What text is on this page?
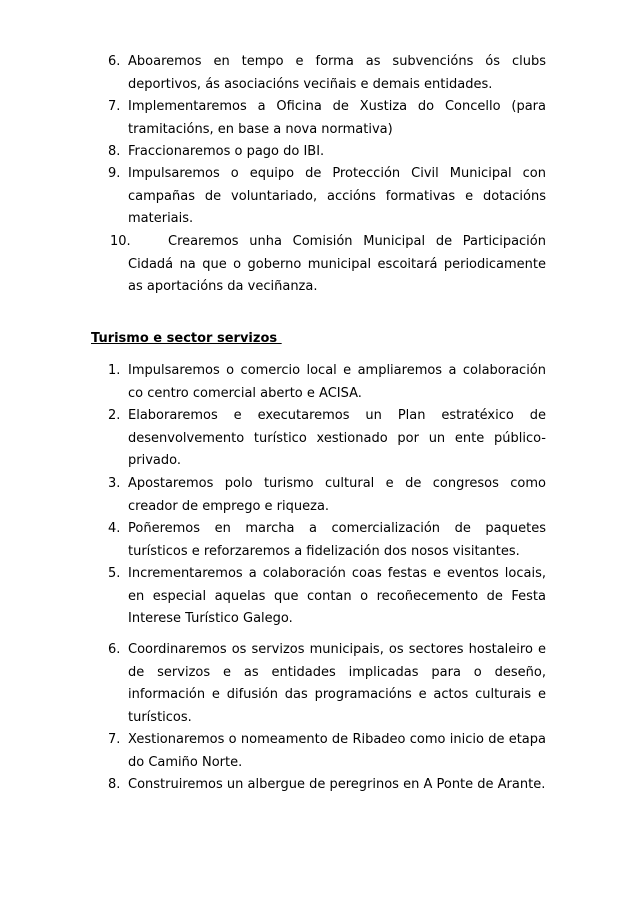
6. Aboaremos en tempo e forma as subvencións ós clubs deportivos, ás asociacións veciñais e demais entidades.
7. Implementaremos a Oficina de Xustiza do Concello (para tramitacións, en base a nova normativa)
8. Fraccionaremos o pago do IBI.
9. Impulsaremos o equipo de Protección Civil Municipal con campañas de voluntariado, accións formativas e dotacións materiais.
10.	Crearemos unha Comisión Municipal de Participación Cidadá na que o goberno municipal escoitará periodicamente as aportacións da veciñanza.
Turismo e sector servizos
1. Impulsaremos o comercio local e ampliaremos a colaboración co centro comercial aberto e ACISA.
2. Elaboraremos e executaremos un Plan estratéxico de desenvolvemento turístico xestionado por un ente público-privado.
3. Apostaremos polo turismo cultural e de congresos como creador de emprego e riqueza.
4. Poñeremos en marcha a comercialización de paquetes turísticos e reforzaremos a fidelización dos nosos visitantes.
5. Incrementaremos a colaboración coas festas e eventos locais, en especial aquelas que contan o recoñecemento de Festa Interese Turístico Galego.
6. Coordinaremos os servizos municipais, os sectores hostaleiro e de servizos e as entidades implicadas para o deseño, información e difusión das programacións e actos culturais e turísticos.
7. Xestionaremos o nomeamento de Ribadeo como inicio de etapa do Camiño Norte.
8. Construiremos un albergue de peregrinos en A Ponte de Arante.
